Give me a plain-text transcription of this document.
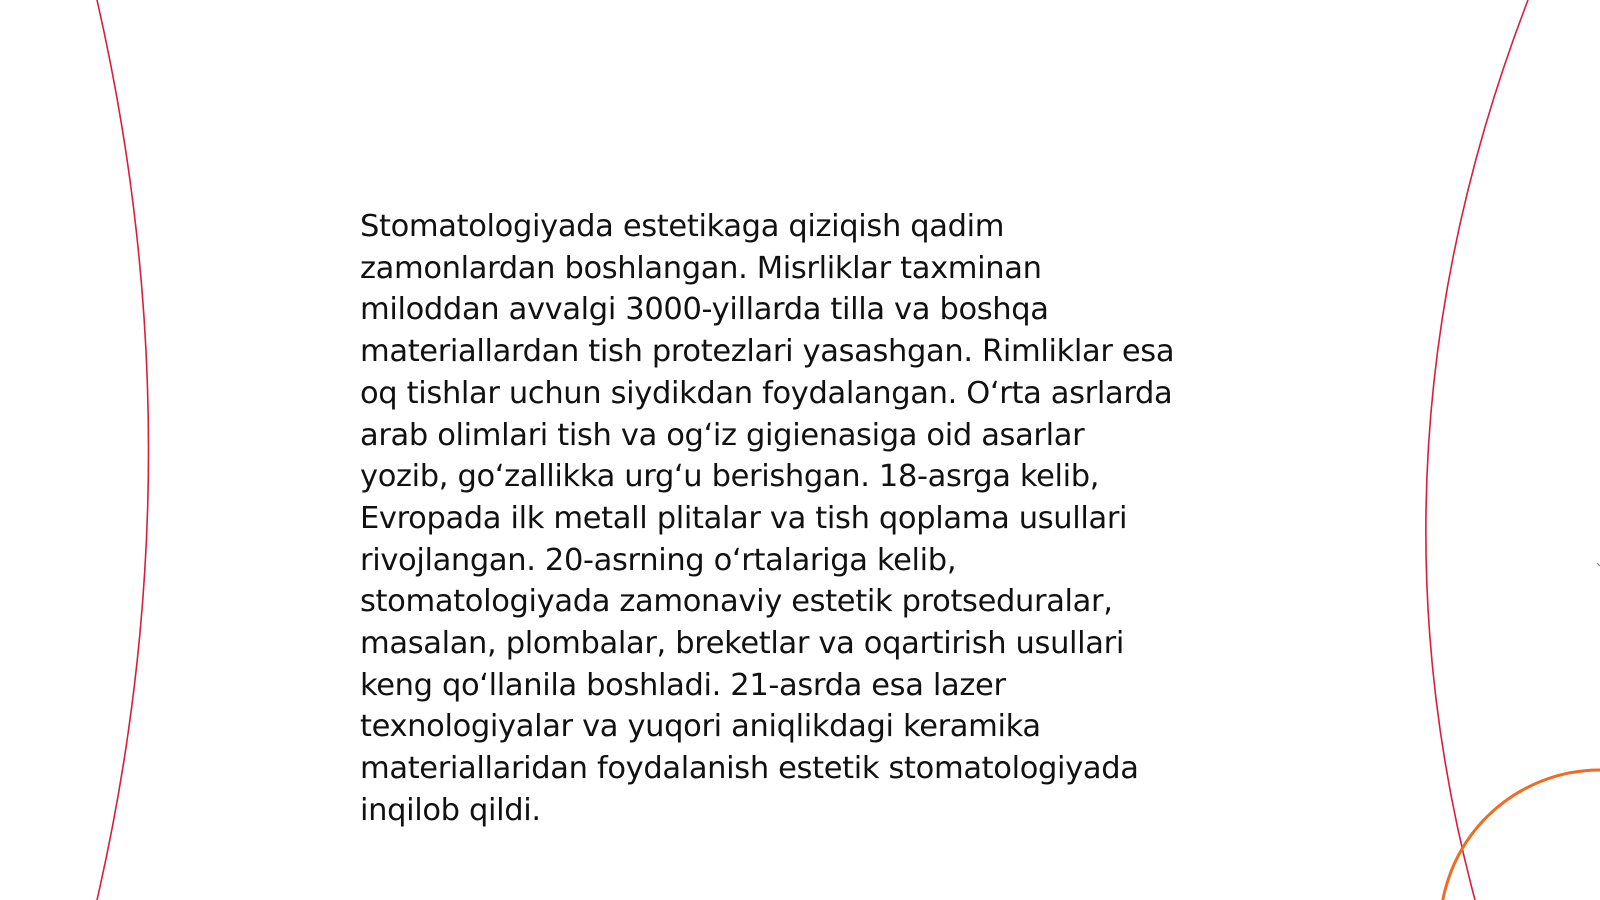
Stomatologiyada estetikaga qiziqish qadim
zamonlardan boshlangan. Misrliklar taxminan
miloddan avvalgi 3000-yillarda tilla va boshqa
materiallardan tish protezlari yasashgan. Rimliklar esa
oq tishlar uchun siydikdan foydalangan. O‘rta asrlarda
arab olimlari tish va og‘iz gigienasiga oid asarlar
yozib, go‘zallikka urg‘u berishgan. 18-asrga kelib,
Evropada ilk metall plitalar va tish qoplama usullari
rivojlangan. 20-asrning o‘rtalariga kelib,
stomatologiyada zamonaviy estetik protseduralar,
masalan, plombalar, breketlar va oqartirish usullari
keng qo‘llanila boshladi. 21-asrda esa lazer
texnologiyalar va yuqori aniqlikdagi keramika
materiallaridan foydalanish estetik stomatologiyada
inqilob qildi.
